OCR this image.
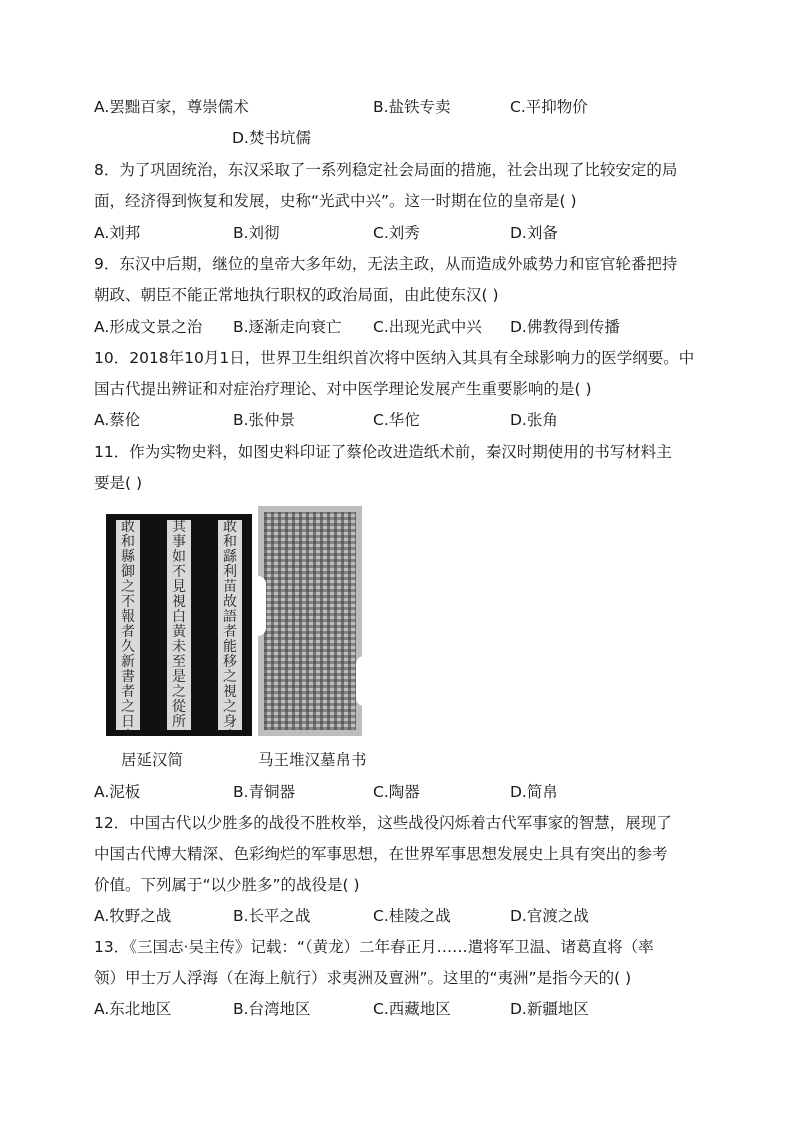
A.罢黜百家，尊崇儒术	B.盐铁专卖	C.平抑物价
D.焚书坑儒
8．为了巩固统治，东汉采取了一系列稳定社会局面的措施，社会出现了比较安定的局
面，经济得到恢复和发展，史称“光武中兴”。这一时期在位的皇帝是( )
A.刘邦	B.刘彻	C.刘秀	D.刘备
9．东汉中后期，继位的皇帝大多年幼，无法主政，从而造成外戚势力和宦官轮番把持
朝政、朝臣不能正常地执行职权的政治局面，由此使东汉( )
A.形成文景之治 B.逐渐走向衰亡 C.出现光武中兴 D.佛教得到传播
10．2018年10月1日，世界卫生组织首次将中医纳入其具有全球影响力的医学纲要。中
国古代提出辨证和对症治疗理论、对中医学理论发展产生重要影响的是( )
A.蔡伦	B.张仲景	C.华佗	D.张角
11．作为实物史料，如图史料印证了蔡伦改进造纸术前，秦汉时期使用的书写材料主
要是( )
敢
和
縣
御
之
不
報
者
久
新
書
者
之
日
其
事
如
不
見
視
白
黃
未
至
是
之
從
所
敢
和
繇
利
苗
故
語
者
能
移
之
視
之
身
居延汉简	马王堆汉墓帛书
A.泥板	B.青铜器	C.陶器	D.简帛
12．中国古代以少胜多的战役不胜枚举，这些战役闪烁着古代军事家的智慧，展现了
中国古代博大精深、色彩绚烂的军事思想，在世界军事思想发展史上具有突出的参考
价值。下列属于“以少胜多”的战役是( )
A.牧野之战	B.长平之战	C.桂陵之战	D.官渡之战
13．《三国志·吴主传》记载：“（黄龙）二年春正月……遣将军卫温、诸葛直将（率
领）甲士万人浮海（在海上航行）求夷洲及亶洲”。这里的“夷洲”是指今天的( )
A.东北地区	B.台湾地区	C.西藏地区	D.新疆地区
